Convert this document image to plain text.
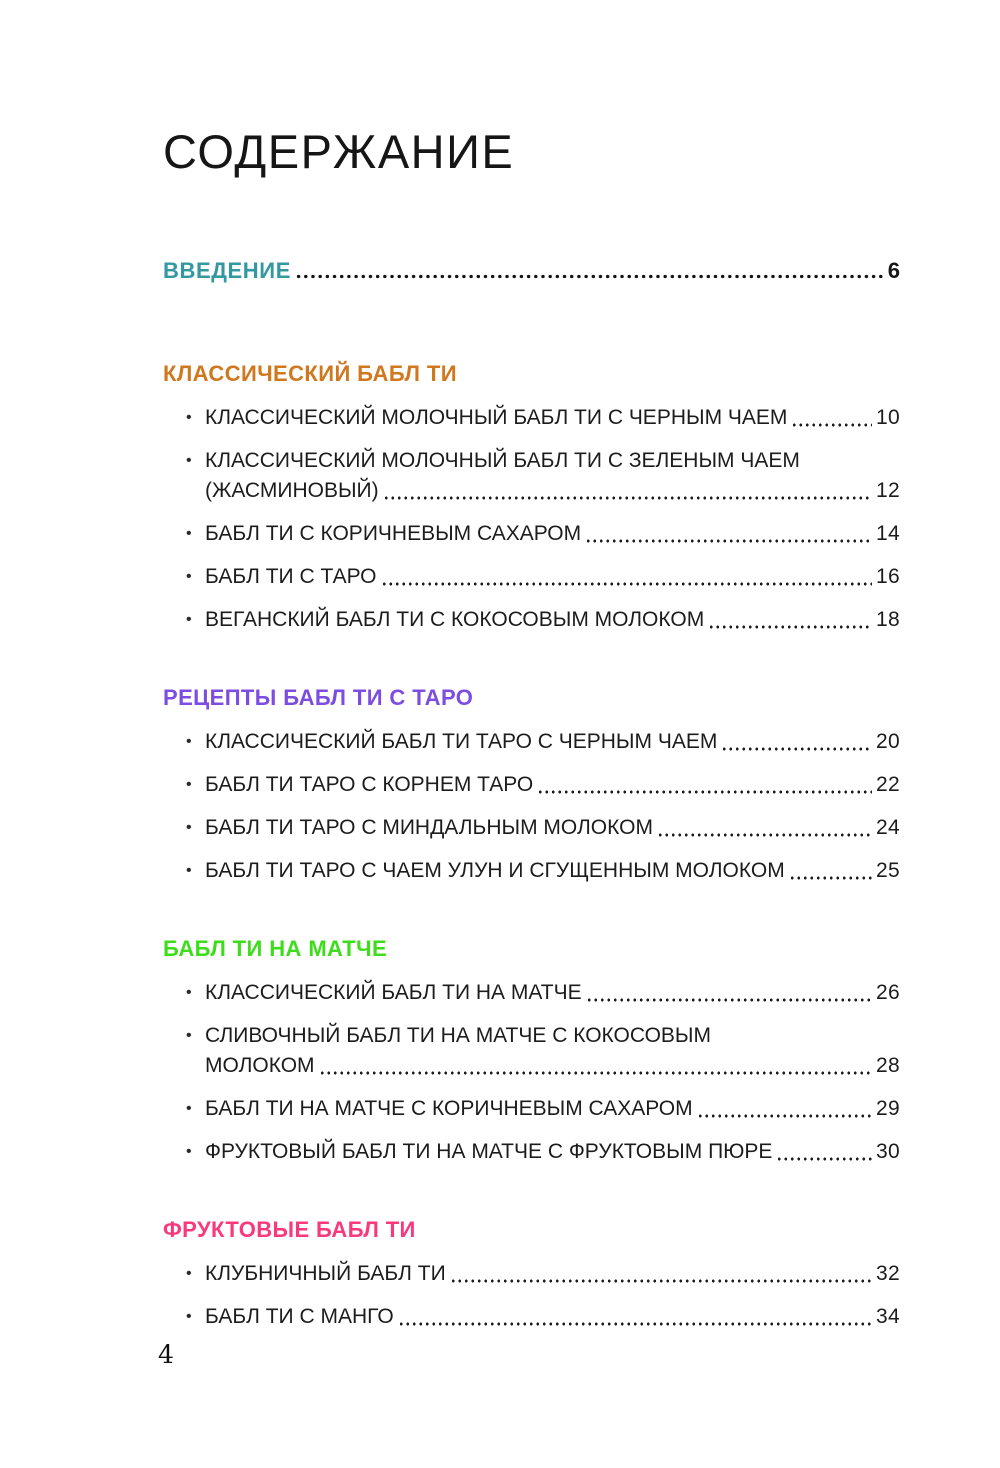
СОДЕРЖАНИЕ
ВВЕДЕНИЕ	6
КЛАССИЧЕСКИЙ БАБЛ ТИ
• КЛАССИЧЕСКИЙ МОЛОЧНЫЙ БАБЛ ТИ С ЧЕРНЫМ ЧАЕМ	10
• КЛАССИЧЕСКИЙ МОЛОЧНЫЙ БАБЛ ТИ С ЗЕЛЕНЫМ ЧАЕМ
(ЖАСМИНОВЫЙ)	12
• БАБЛ ТИ С КОРИЧНЕВЫМ САХАРОМ	14
• БАБЛ ТИ С ТАРО	16
• ВЕГАНСКИЙ БАБЛ ТИ С КОКОСОВЫМ МОЛОКОМ	18
РЕЦЕПТЫ БАБЛ ТИ С ТАРО
• КЛАССИЧЕСКИЙ БАБЛ ТИ ТАРО С ЧЕРНЫМ ЧАЕМ	20
• БАБЛ ТИ ТАРО С КОРНЕМ ТАРО	22
• БАБЛ ТИ ТАРО С МИНДАЛЬНЫМ МОЛОКОМ	24
• БАБЛ ТИ ТАРО С ЧАЕМ УЛУН И СГУЩЕННЫМ МОЛОКОМ	25
БАБЛ ТИ НА МАТЧЕ
• КЛАССИЧЕСКИЙ БАБЛ ТИ НА МАТЧЕ	26
• СЛИВОЧНЫЙ БАБЛ ТИ НА МАТЧЕ С КОКОСОВЫМ
МОЛОКОМ	28
• БАБЛ ТИ НА МАТЧЕ С КОРИЧНЕВЫМ САХАРОМ	29
• ФРУКТОВЫЙ БАБЛ ТИ НА МАТЧЕ С ФРУКТОВЫМ ПЮРЕ	30
ФРУКТОВЫЕ БАБЛ ТИ
• КЛУБНИЧНЫЙ БАБЛ ТИ	32
• БАБЛ ТИ С МАНГО	34
4
